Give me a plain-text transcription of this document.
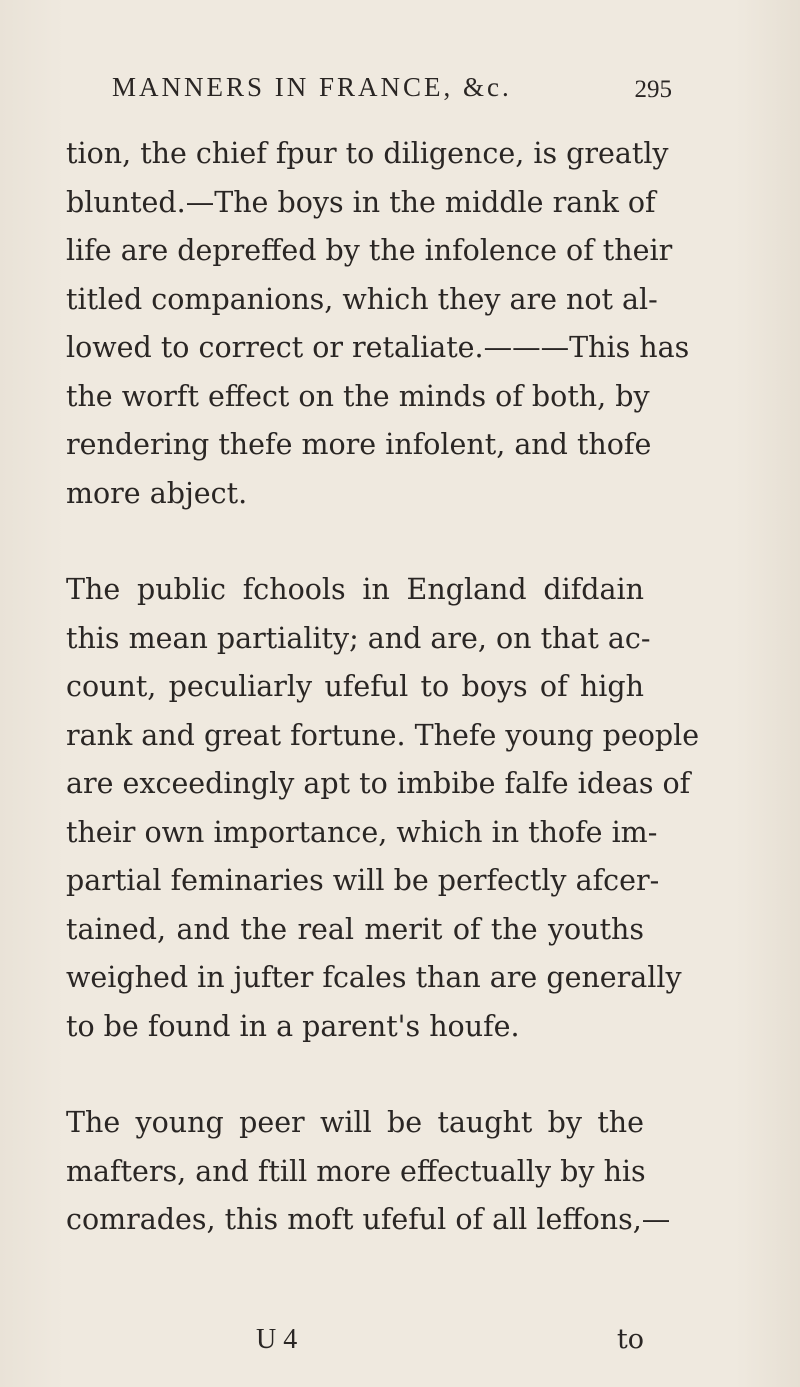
MANNERS IN FRANCE, &c.	295
tion, the chief fpur to diligence, is greatly
blunted.—The boys in the middle rank of
life are depreffed by the infolence of their
titled companions, which they are not al-
lowed to correct or retaliate.———This has
the worft effect on the minds of both, by
rendering thefe more infolent, and thofe
more abject.
The public fchools in England difdain
this mean partiality; and are, on that ac-
count, peculiarly ufeful to boys of high
rank and great fortune. Thefe young people
are exceedingly apt to imbibe falfe ideas of
their own importance, which in thofe im-
partial feminaries will be perfectly afcer-
tained, and the real merit of the youths
weighed in jufter fcales than are generally
to be found in a parent's houfe.
The young peer will be taught by the
mafters, and ftill more effectually by his
comrades, this moft ufeful of all leffons,—
U 4	to
